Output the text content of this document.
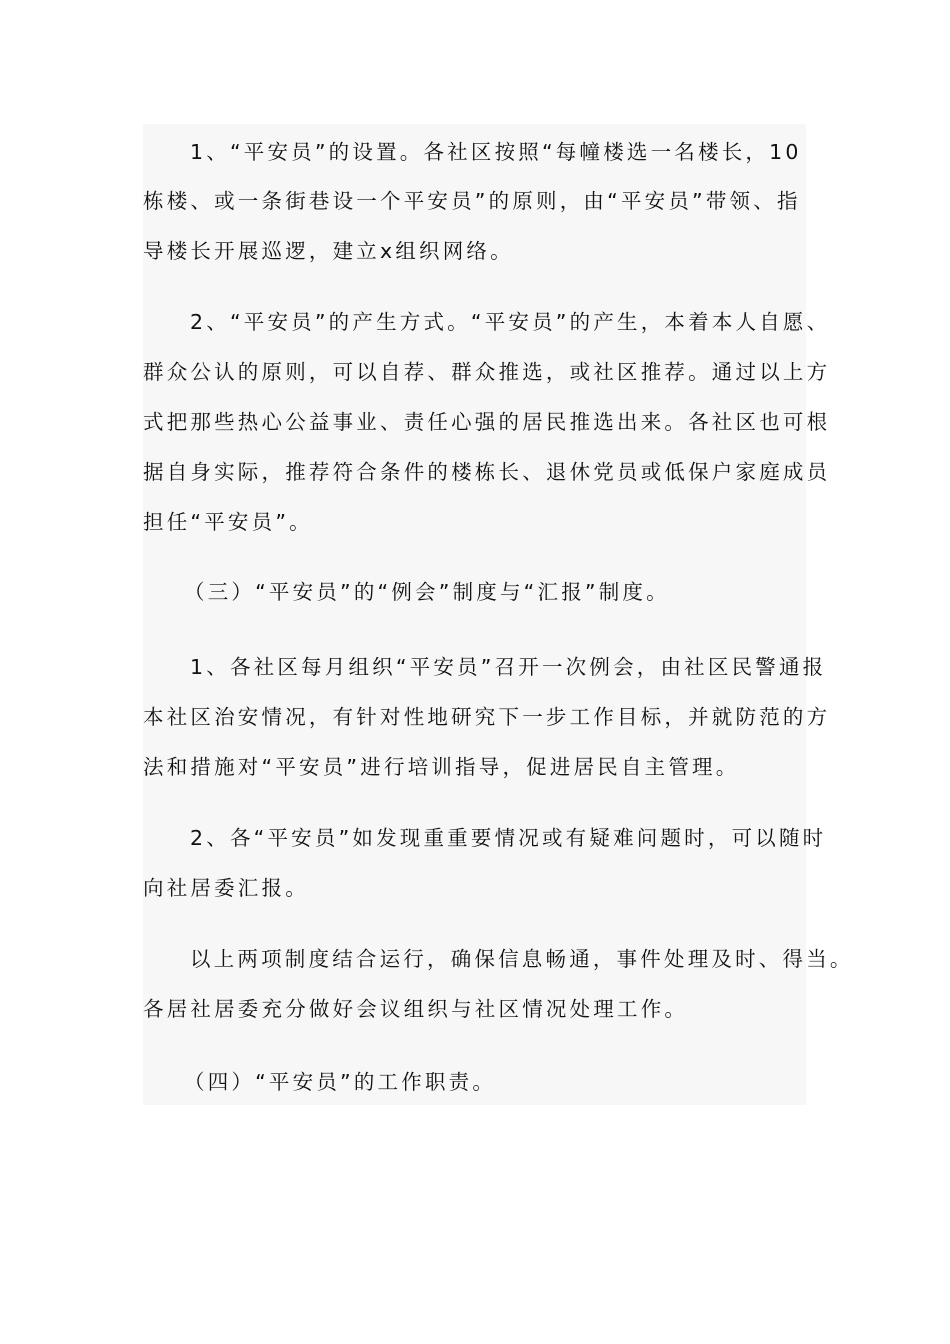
1、“平安员”的设置。各社区按照“每幢楼选一名楼长，10
栋楼、或一条街巷设一个平安员”的原则，由“平安员”带领、指
导楼长开展巡逻，建立x组织网络。
2、“平安员”的产生方式。“平安员”的产生，本着本人自愿、
群众公认的原则，可以自荐、群众推选，或社区推荐。通过以上方
式把那些热心公益事业、责任心强的居民推选出来。各社区也可根
据自身实际，推荐符合条件的楼栋长、退休党员或低保户家庭成员
担任“平安员”。
（三）“平安员”的“例会”制度与“汇报”制度。
1、各社区每月组织“平安员”召开一次例会，由社区民警通报
本社区治安情况，有针对性地研究下一步工作目标，并就防范的方
法和措施对“平安员”进行培训指导，促进居民自主管理。
2、各“平安员”如发现重重要情况或有疑难问题时，可以随时
向社居委汇报。
以上两项制度结合运行，确保信息畅通，事件处理及时、得当。
各居社居委充分做好会议组织与社区情况处理工作。
（四）“平安员”的工作职责。
